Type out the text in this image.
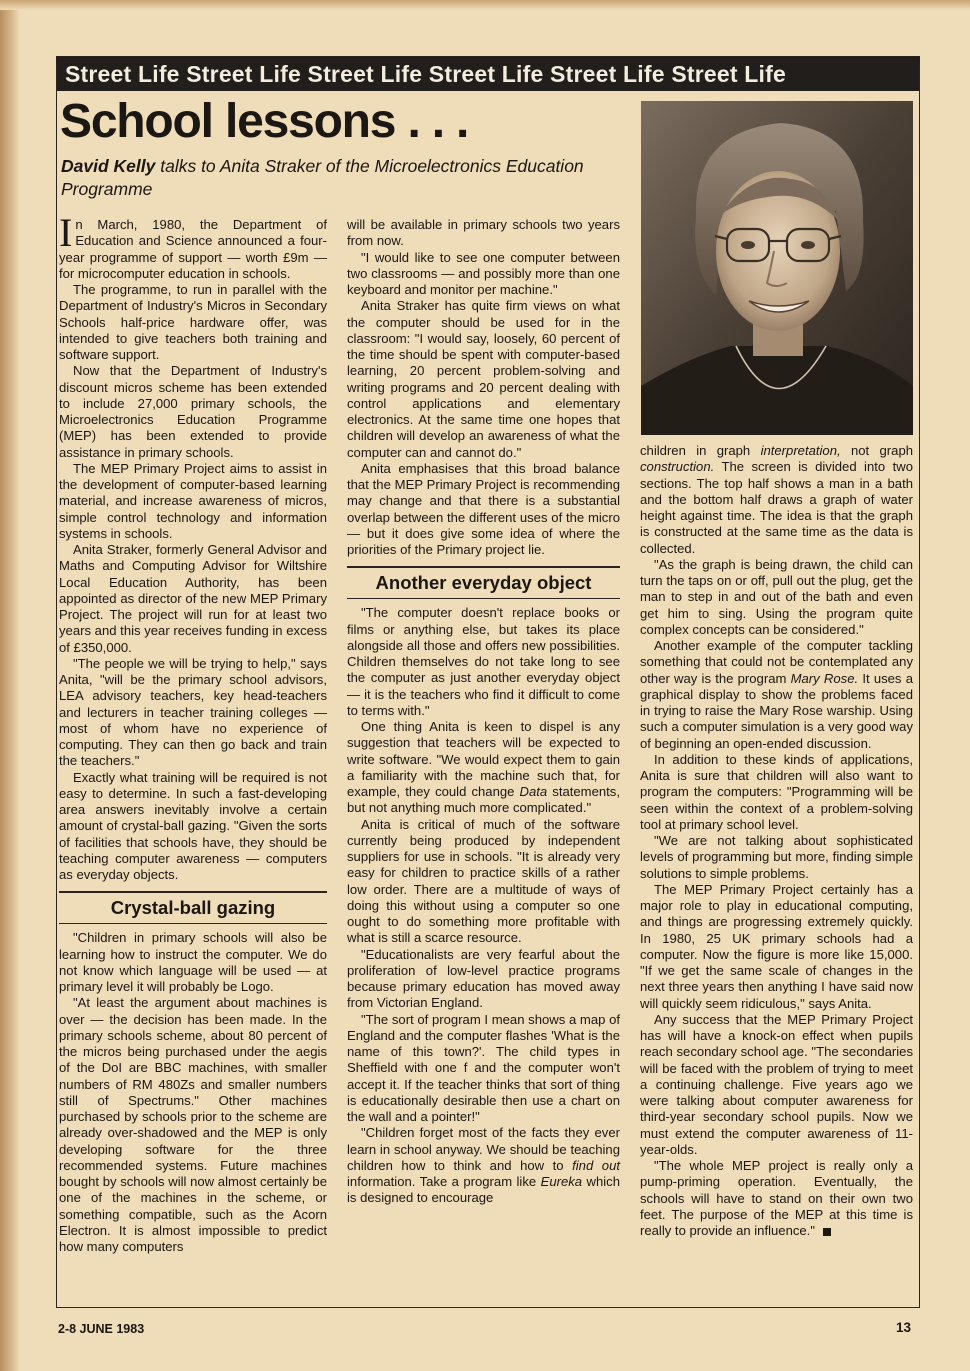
Street Life Street Life Street Life Street Life Street Life Street Life
School lessons . . .
David Kelly talks to Anita Straker of the Microelectronics Education Programme

In March, 1980, the Department of Education and Science announced a four-year programme of support — worth £9m — for microcomputer education in schools.

The programme, to run in parallel with the Department of Industry's Micros in Secondary Schools half-price hardware offer, was intended to give teachers both training and software support.

Now that the Department of Industry's discount micros scheme has been extended to include 27,000 primary schools, the Microelectronics Education Programme (MEP) has been extended to provide assistance in primary schools.

The MEP Primary Project aims to assist in the development of computer-based learning material, and increase awareness of micros, simple control technology and information systems in schools.

Anita Straker, formerly General Advisor and Maths and Computing Advisor for Wiltshire Local Education Authority, has been appointed as director of the new MEP Primary Project. The project will run for at least two years and this year receives funding in excess of £350,000.

"The people we will be trying to help," says Anita, "will be the primary school advisors, LEA advisory teachers, key head-teachers and lecturers in teacher training colleges — most of whom have no experience of computing. They can then go back and train the teachers."

Exactly what training will be required is not easy to determine. In such a fast-developing area answers inevitably involve a certain amount of crystal-ball gazing. "Given the sorts of facilities that schools have, they should be teaching computer awareness — computers as everyday objects.

Crystal-ball gazing

"Children in primary schools will also be learning how to instruct the computer. We do not know which language will be used — at primary level it will probably be Logo.

"At least the argument about machines is over — the decision has been made. In the primary schools scheme, about 80 percent of the micros being purchased under the aegis of the DoI are BBC machines, with smaller numbers of RM 480Zs and smaller numbers still of Spectrums." Other machines purchased by schools prior to the scheme are already over-shadowed and the MEP is only developing software for the three recommended systems. Future machines bought by schools will now almost certainly be one of the machines in the scheme, or something compatible, such as the Acorn Electron. It is almost impossible to predict how many computers

will be available in primary schools two years from now.

"I would like to see one computer between two classrooms — and possibly more than one keyboard and monitor per machine."

Anita Straker has quite firm views on what the computer should be used for in the classroom: "I would say, loosely, 60 percent of the time should be spent with computer-based learning, 20 percent problem-solving and writing programs and 20 percent dealing with control applications and elementary electronics. At the same time one hopes that children will develop an awareness of what the computer can and cannot do."

Anita emphasises that this broad balance that the MEP Primary Project is recommending may change and that there is a substantial overlap between the different uses of the micro — but it does give some idea of where the priorities of the Primary project lie.

Another everyday object

"The computer doesn't replace books or films or anything else, but takes its place alongside all those and offers new possibilities. Children themselves do not take long to see the computer as just another everyday object — it is the teachers who find it difficult to come to terms with."

One thing Anita is keen to dispel is any suggestion that teachers will be expected to write software. "We would expect them to gain a familiarity with the machine such that, for example, they could change Data statements, but not anything much more complicated."

Anita is critical of much of the software currently being produced by independent suppliers for use in schools. "It is already very easy for children to practice skills of a rather low order. There are a multitude of ways of doing this without using a computer so one ought to do something more profitable with what is still a scarce resource.

"Educationalists are very fearful about the proliferation of low-level practice programs because primary education has moved away from Victorian England.

"The sort of program I mean shows a map of England and the computer flashes 'What is the name of this town?'. The child types in Sheffield with one f and the computer won't accept it. If the teacher thinks that sort of thing is educationally desirable then use a chart on the wall and a pointer!"

"Children forget most of the facts they ever learn in school anyway. We should be teaching children how to think and how to find out information. Take a program like Eureka which is designed to encourage

children in graph interpretation, not graph construction. The screen is divided into two sections. The top half shows a man in a bath and the bottom half draws a graph of water height against time. The idea is that the graph is constructed at the same time as the data is collected.

"As the graph is being drawn, the child can turn the taps on or off, pull out the plug, get the man to step in and out of the bath and even get him to sing. Using the program quite complex concepts can be considered."

Another example of the computer tackling something that could not be contemplated any other way is the program Mary Rose. It uses a graphical display to show the problems faced in trying to raise the Mary Rose warship. Using such a computer simulation is a very good way of beginning an open-ended discussion.

In addition to these kinds of applications, Anita is sure that children will also want to program the computers: "Programming will be seen within the context of a problem-solving tool at primary school level.

"We are not talking about sophisticated levels of programming but more, finding simple solutions to simple problems.

The MEP Primary Project certainly has a major role to play in educational computing, and things are progressing extremely quickly. In 1980, 25 UK primary schools had a computer. Now the figure is more like 15,000. "If we get the same scale of changes in the next three years then anything I have said now will quickly seem ridiculous," says Anita.

Any success that the MEP Primary Project has will have a knock-on effect when pupils reach secondary school age. "The secondaries will be faced with the problem of trying to meet a continuing challenge. Five years ago we were talking about computer awareness for third-year secondary school pupils. Now we must extend the computer awareness of 11-year-olds.

"The whole MEP project is really only a pump-priming operation. Eventually, the schools will have to stand on their own two feet. The purpose of the MEP at this time is really to provide an influence."

2-8 JUNE 1983	13
